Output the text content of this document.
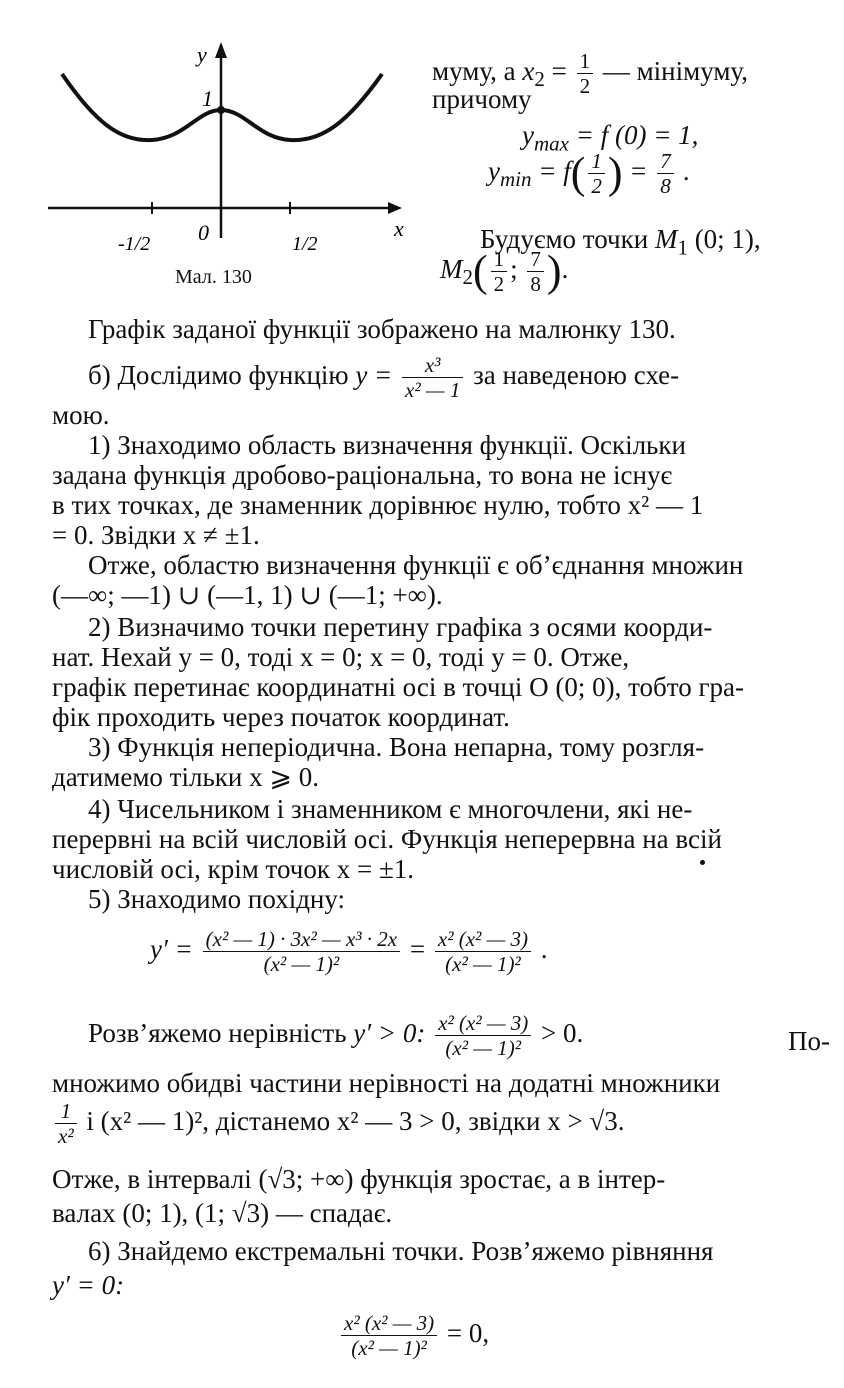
y
1
0	x
-1/2	1/2
Мал. 130
муму, а $x_2 = \frac{1}{2}$ — мінімуму,
причому
$y_{max} = f$ (0) = 1,
$y_{min} = f( \frac{1}{2}$ ) = $\frac{7}{8}$ .
Будуємо точки $M_1$ (0; 1),
$M_2( \frac{1}{2}$ ; $\frac{7}{8}$ ).
Графік заданої функції зображено на малюнку 130.
б) Дослідимо функцію $y = \frac{\text{x³}}{\text{x² — 1}}$ за наведеною схе-
мою.
1) Знаходимо область визначення функції. Оскільки
задана функція дробово-раціональна, то вона не існує
в тих точках, де знаменник дорівнює нулю, тобто x² — 1
= 0. Звідки x ≠ ±1.
Отже, областю визначення функції є об’єднання множин
(—∞; —1) ∪ (—1, 1) ∪ (—1; +∞).
2) Визначимо точки перетину графіка з осями коорди-
нат. Нехай y = 0, тоді x = 0; x = 0, тоді y = 0. Отже,
графік перетинає координатні осі в точці O (0; 0), тобто гра-
фік проходить через початок координат.
3) Функція неперіодична. Вона непарна, тому розгля-
датимемо тільки x ⩾ 0.
4) Чисельником і знаменником є многочлени, які не-
перервні на всій числовій осі. Функція неперервна на всій
числовій осі, крім точок x = ±1.
5) Знаходимо похідну:
$y' = \frac{\text{(x² — 1) · 3x² — x³ · 2x}}{\text{(x² — 1)²}} = \frac{\text{x² (x² — 3)}}{\text{(x² — 1)²}}$ .
Розв’яжемо нерівність y′ > 0: $\frac{\text{x² (x² — 3)}}{\text{(x² — 1)²}} > 0$.	По-
множимо обидві частини нерівності на додатні множники
$\frac{1}{\text{x²}}$ і (x² — 1)², дістанемо x² — 3 > 0, звідки x > √3.
Отже, в інтервалі (√3; +∞) функція зростає, а в інтер-
валах (0; 1), (1; √3) — спадає.
6) Знайдемо екстремальні точки. Розв’яжемо рівняння
y′ = 0:
$\frac{\text{x² (x² — 3)}}{\text{(x² — 1)²}} = 0$,
